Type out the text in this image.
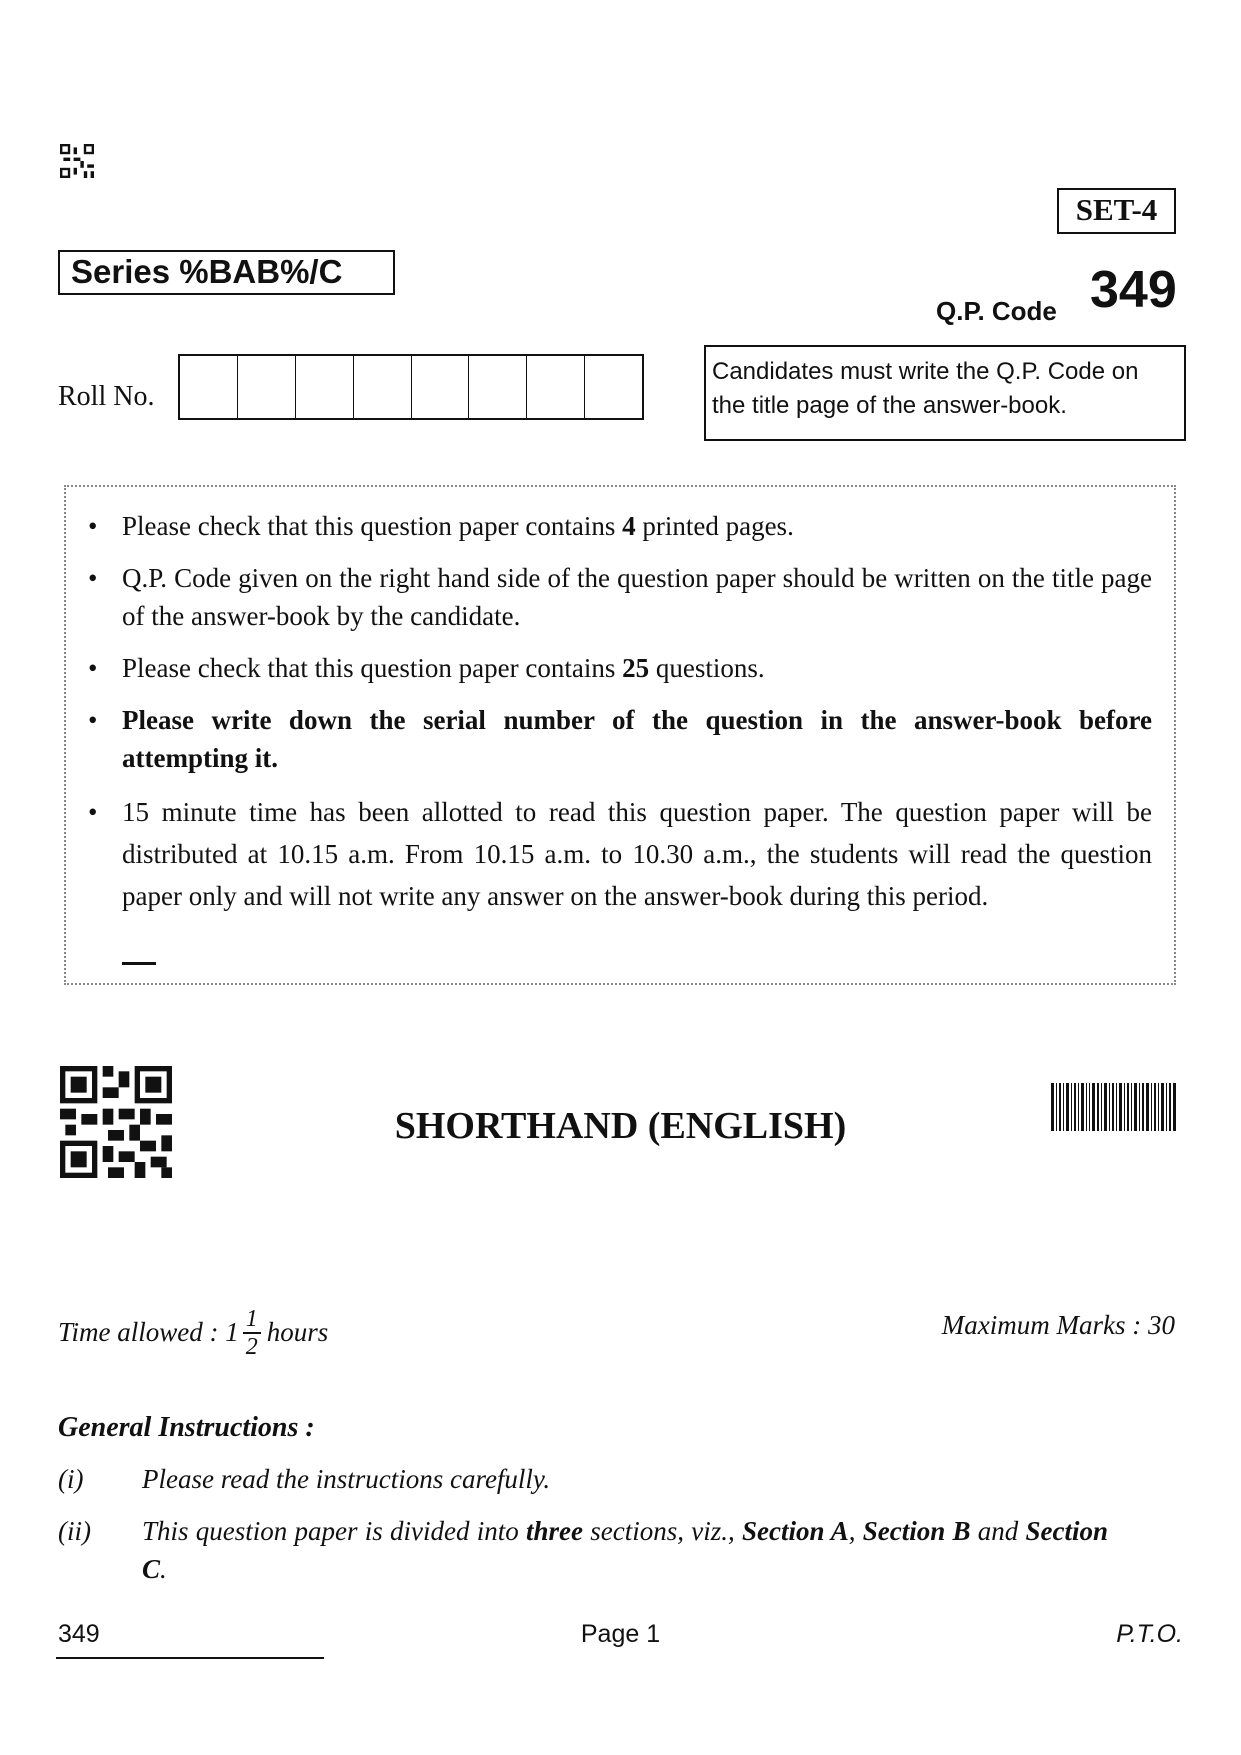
SET-4
Series %BAB%/C
Q.P. Code 349
Roll No.
Candidates must write the Q.P. Code on the title page of the answer-book.
• Please check that this question paper contains 4 printed pages.
• Q.P. Code given on the right hand side of the question paper should be written on the title page of the answer-book by the candidate.
• Please check that this question paper contains 25 questions.
• Please write down the serial number of the question in the answer-book before attempting it.
• 15 minute time has been allotted to read this question paper. The question paper will be distributed at 10.15 a.m. From 10.15 a.m. to 10.30 a.m., the students will read the question paper only and will not write any answer on the answer-book during this period.
SHORTHAND (ENGLISH)
Time allowed : $1 \frac{1}{2}$ hours	Maximum Marks : 30
General Instructions :
(i)	Please read the instructions carefully.
(ii)	This question paper is divided into three sections, viz., Section A, Section B and Section C.
349	Page 1	P.T.O.
